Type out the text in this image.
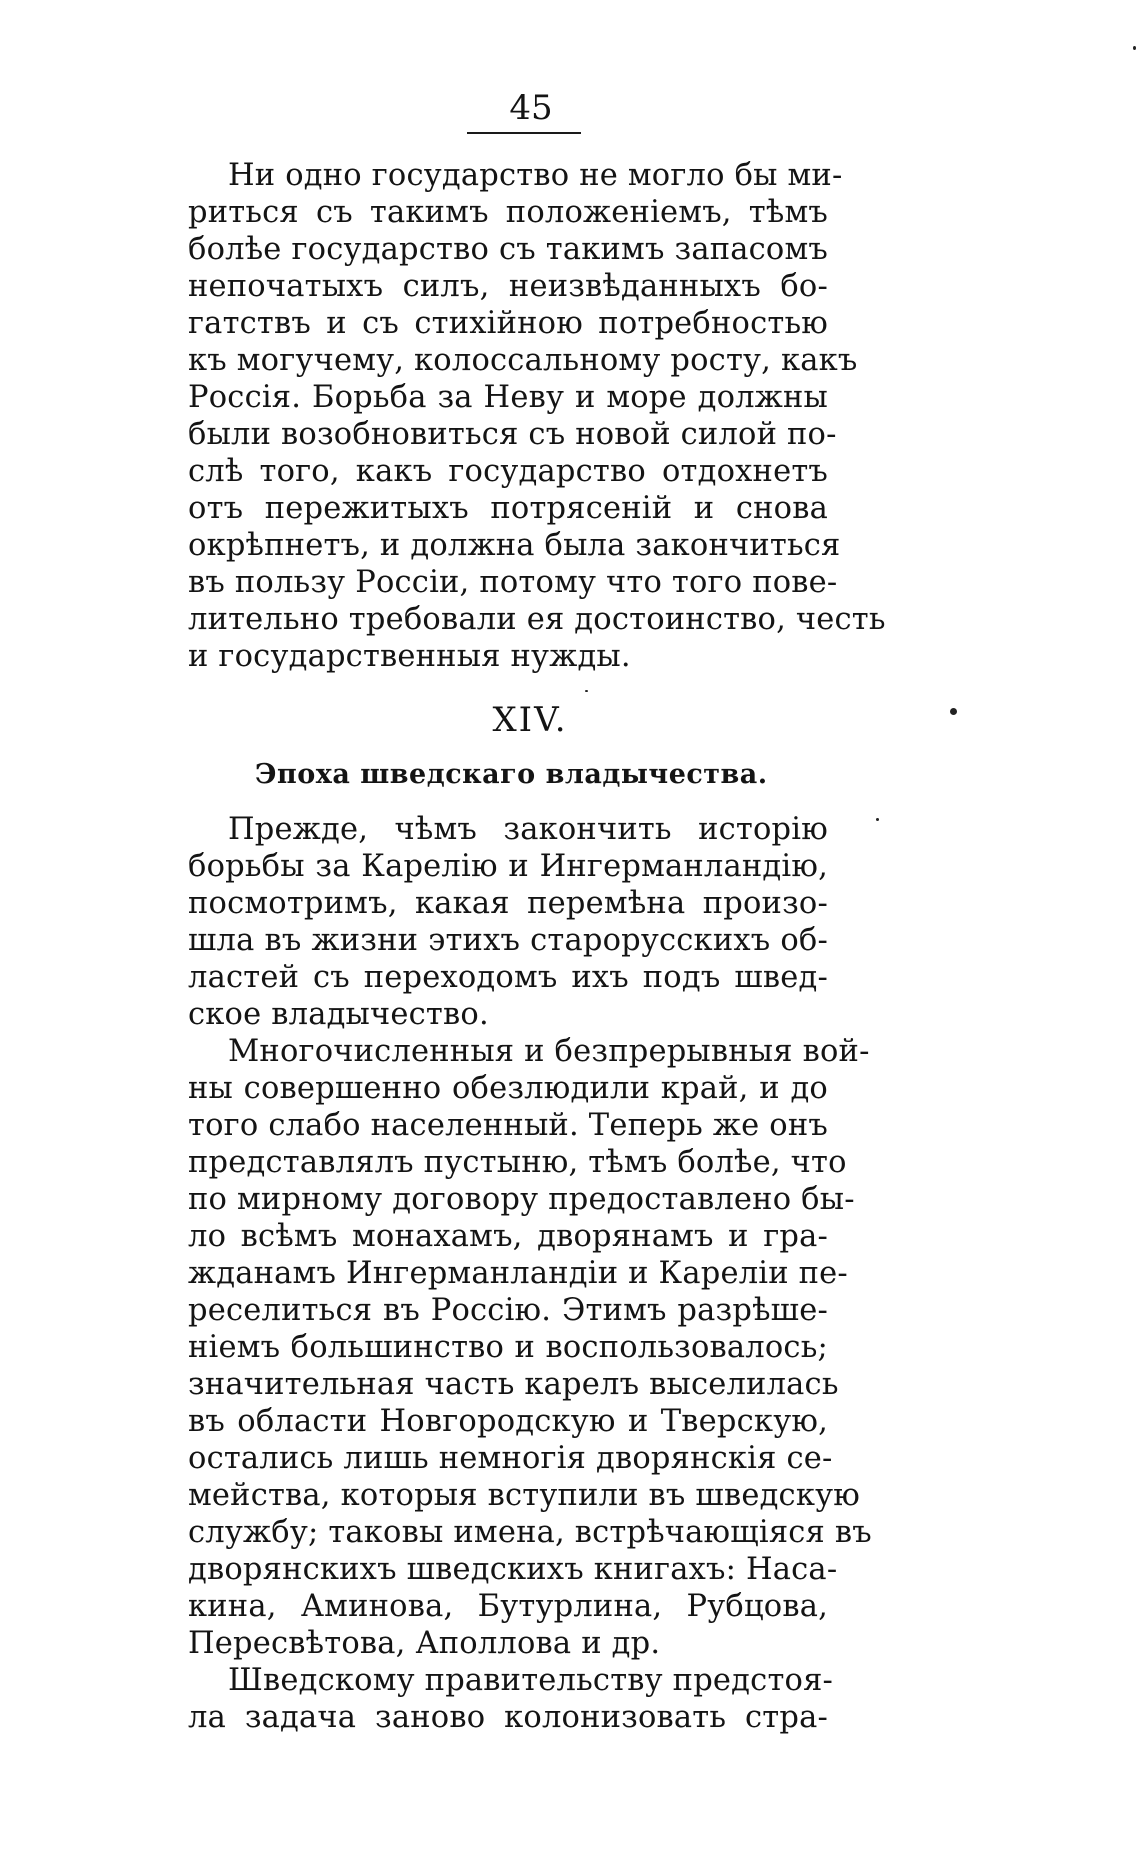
45
Ни одно государство не могло бы ми-
риться съ такимъ положенiемъ, тѣмъ
болѣе государство съ такимъ запасомъ
непочатыхъ силъ, неизвѣданныхъ бо-
гатствъ и съ стихiйною потребностью
къ могучему, колоссальному росту, какъ
Россiя. Борьба за Неву и море должны
были возобновиться съ новой силой по-
слѣ того, какъ государство отдохнетъ
отъ пережитыхъ потрясенiй и снова
окрѣпнетъ, и должна была закончиться
въ пользу Россiи, потому что того пове-
лительно требовали ея достоинство, честь
и государственныя нужды.
XIV.
Эпоха шведскаго владычества.
Прежде, чѣмъ закончить исторiю
борьбы за Карелiю и Ингерманландiю,
посмотримъ, какая перемѣна произо-
шла въ жизни этихъ старорусскихъ об-
ластей съ переходомъ ихъ подъ швед-
ское владычество.
Многочисленныя и безпрерывныя вой-
ны совершенно обезлюдили край, и до
того слабо населенный. Теперь же онъ
представлялъ пустыню, тѣмъ болѣе, что
по мирному договору предоставлено бы-
ло всѣмъ монахамъ, дворянамъ и гра-
жданамъ Ингерманландiи и Карелiи пе-
реселиться въ Россiю. Этимъ разрѣше-
нiемъ большинство и воспользовалось;
значительная часть карелъ выселилась
въ области Новгородскую и Тверскую,
остались лишь немногiя дворянскiя се-
мейства, которыя вступили въ шведскую
службу; таковы имена, встрѣчающiяся въ
дворянскихъ шведскихъ книгахъ: Наса-
кина, Аминова, Бутурлина, Рубцова,
Пересвѣтова, Аполлова и др.
Шведскому правительству предстоя-
ла задача заново колонизовать стра-
